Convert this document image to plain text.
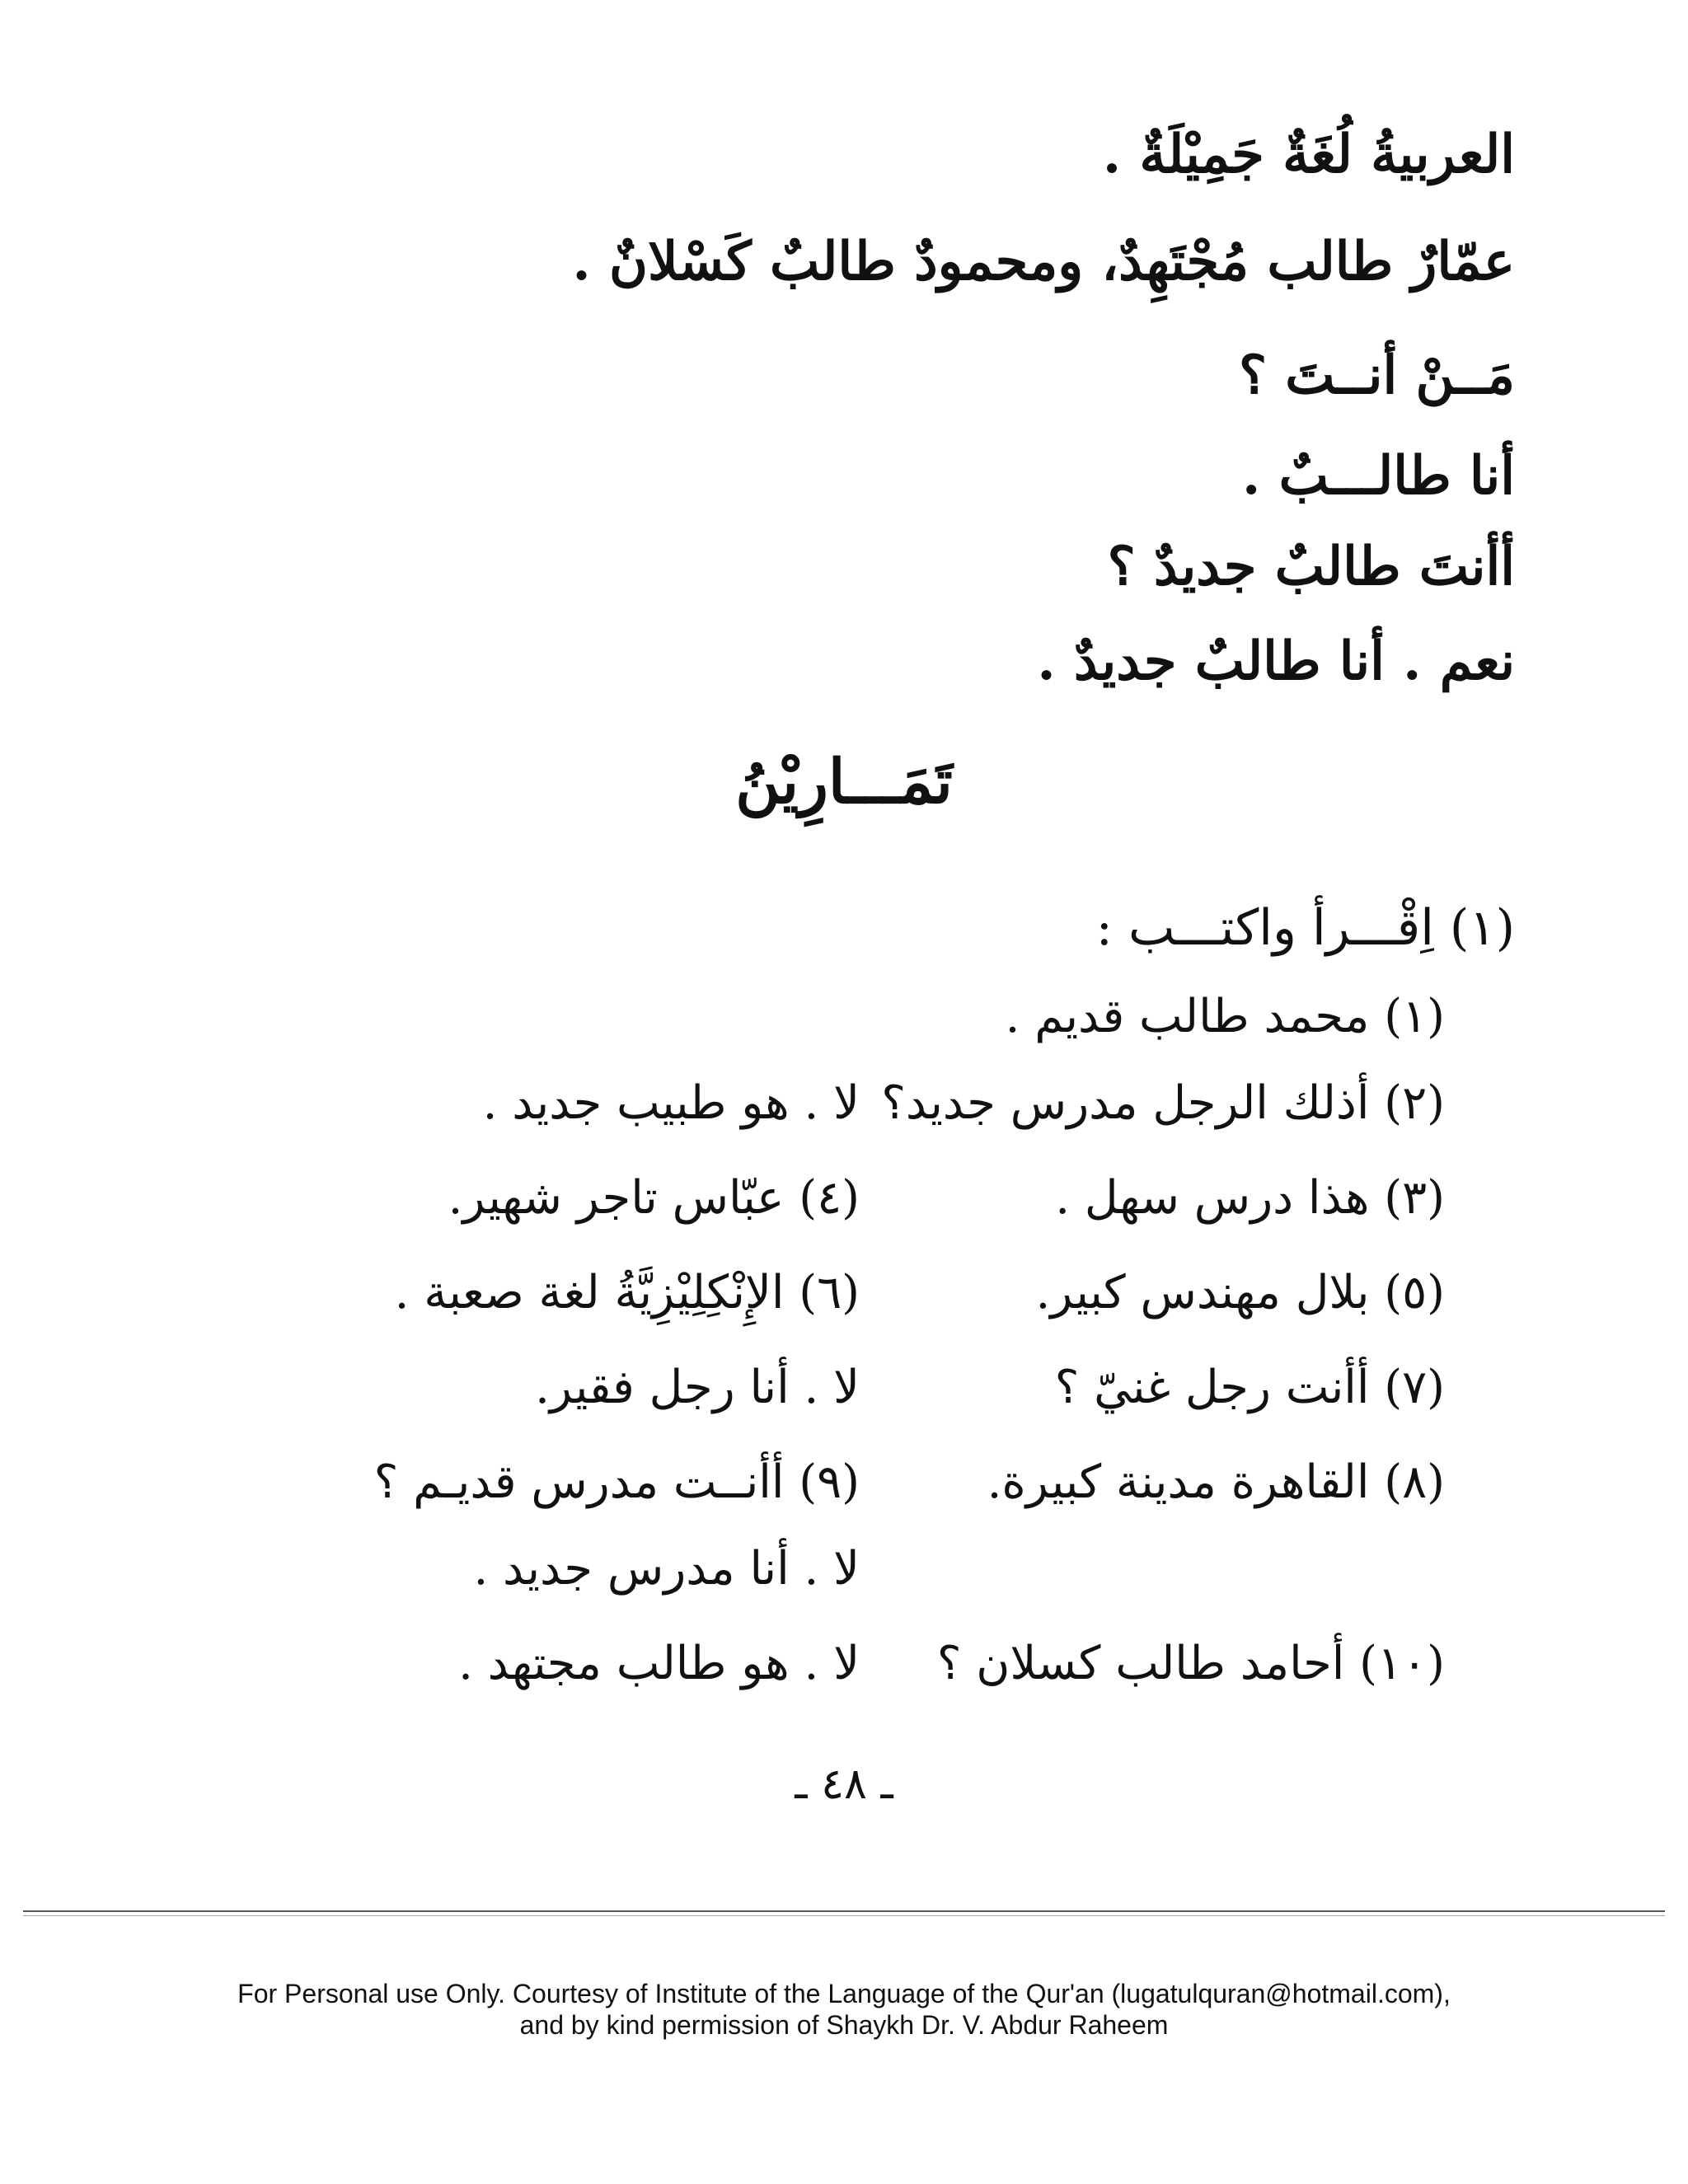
العربيةُ لُغَةٌ جَمِيْلَةٌ .
عمّارٌ طالب مُجْتَهِدٌ، ومحمودٌ طالبٌ كَسْلانٌ .
مَــنْ أنــتَ ؟
أنا طالـــبٌ .
أأنتَ طالبٌ جديدٌ ؟
نعم . أنا طالبٌ جديدٌ .
تَمَـــارِيْنُ
(١) اِقْـــرأ واكتـــب :
(١) محمد طالب قديم .
(٢) أذلك الرجل مدرس جديد؟
لا . هو طبيب جديد .
(٣) هذا درس سهل .
(٤) عبّاس تاجر شهير.
(٥) بلال مهندس كبير.
(٦) الإِنْكِلِيْزِيَّةُ لغة صعبة .
(٧) أأنت رجل غنيّ ؟
لا . أنا رجل فقير.
(٨) القاهرة مدينة كبيرة.
(٩) أأنــت مدرس قديـم ؟
لا . أنا مدرس جديد .
(١٠) أحامد طالب كسلان ؟
لا . هو طالب مجتهد .
ـ ٤٨ ـ
For Personal use Only. Courtesy of Institute of the Language of the Qur'an (lugatulquran@hotmail.com),
and by kind permission of Shaykh Dr. V. Abdur Raheem
